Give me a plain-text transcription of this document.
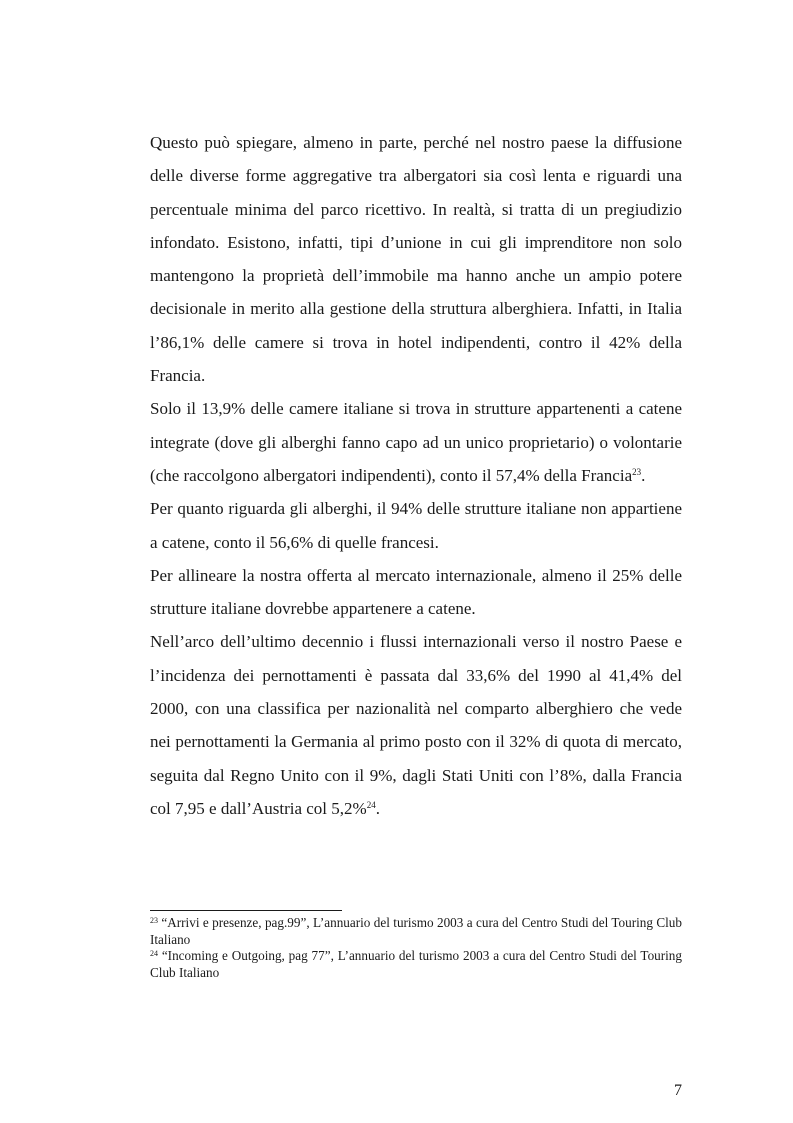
Questo può spiegare, almeno in parte, perché nel nostro paese la diffusione delle diverse forme aggregative tra albergatori sia così lenta e riguardi una percentuale minima del parco ricettivo. In realtà, si tratta di un pregiudizio infondato. Esistono, infatti, tipi d’unione in cui gli imprenditore non solo mantengono la proprietà dell’immobile ma hanno anche un ampio potere decisionale in merito alla gestione della struttura alberghiera. Infatti, in Italia l’86,1% delle camere si trova in hotel indipendenti, contro il 42% della Francia.

Solo il 13,9% delle camere italiane si trova in strutture appartenenti a catene integrate (dove gli alberghi fanno capo ad un unico proprietario) o volontarie (che raccolgono albergatori indipendenti), conto il 57,4% della Francia$^{23}$.

Per quanto riguarda gli alberghi, il 94% delle strutture italiane non appartiene a catene, conto il 56,6% di quelle francesi.

Per allineare la nostra offerta al mercato internazionale, almeno il 25% delle strutture italiane dovrebbe appartenere a catene.

Nell’arco dell’ultimo decennio i flussi internazionali verso il nostro Paese e l’incidenza dei pernottamenti è passata dal 33,6% del 1990 al 41,4% del 2000, con una classifica per nazionalità nel comparto alberghiero che vede nei pernottamenti la Germania al primo posto con il 32% di quota di mercato, seguita dal Regno Unito con il 9%, dagli Stati Uniti con l’8%, dalla Francia col 7,95 e dall’Austria col 5,2%$^{24}$.

$^{23}$ “Arrivi e presenze, pag.99”, L’annuario del turismo 2003 a cura del Centro Studi del Touring Club Italiano

$^{24}$ “Incoming e Outgoing, pag 77”, L’annuario del turismo 2003 a cura del Centro Studi del Touring Club Italiano

7
